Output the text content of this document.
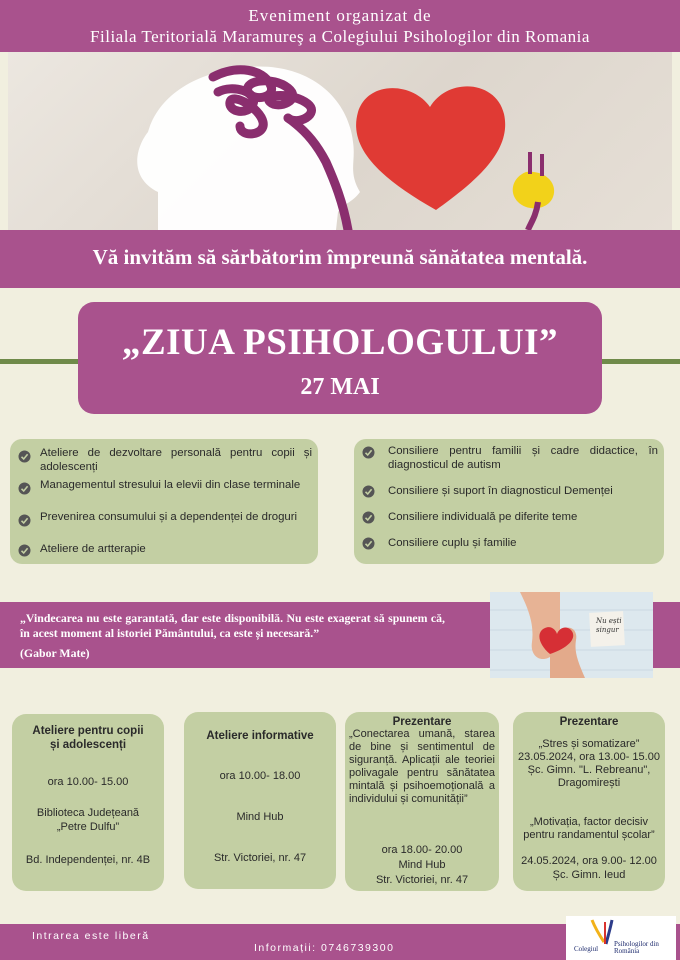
Eveniment organizat de
Filiala Teritorială Maramureş a Colegiului Psihologilor din Romania
Vă invităm să sărbătorim împreună sănătatea mentală.
„ZIUA PSIHOLOGULUI”
27 MAI
Ateliere de dezvoltare personală pentru copii și adolescenți
Managementul stresului la elevii din clase terminale
Prevenirea consumului și a dependenței de droguri
Ateliere de artterapie
Consiliere pentru familii și cadre didactice, în diagnosticul de autism
Consiliere și suport în diagnosticul Demenței
Consiliere individuală pe diferite teme
Consiliere cuplu și familie
„Vindecarea nu este garantată, dar este disponibilă. Nu este exagerat să spunem că, în acest moment al istoriei Pământului, ca este și necesară.”
(Gabor Mate)
Nu ești singur
Ateliere pentru copii și adolescenți
ora 10.00- 15.00
Biblioteca Județeană „Petre Dulfu”
Bd. Independenței, nr. 4B
Ateliere informative
ora 10.00- 18.00
Mind Hub
Str. Victoriei, nr. 47
Prezentare
„Conectarea umană, starea de bine și sentimentul de siguranță. Aplicații ale teoriei polivagale pentru sănătatea mintală și psihoemoțională a individului și comunității”
ora 18.00- 20.00
Mind Hub
Str. Victoriei, nr. 47
Prezentare
„Stres și somatizare”
23.05.2024, ora 13.00- 15.00
Șc. Gimn. "L. Rebreanu", Dragomirești
„Motivația, factor decisiv pentru randamentul școlar”
24.05.2024, ora 9.00- 12.00
Șc. Gimn. Ieud
Intrarea este liberă
Informații: 0746739300	Colegiul
Psihologilor din România
